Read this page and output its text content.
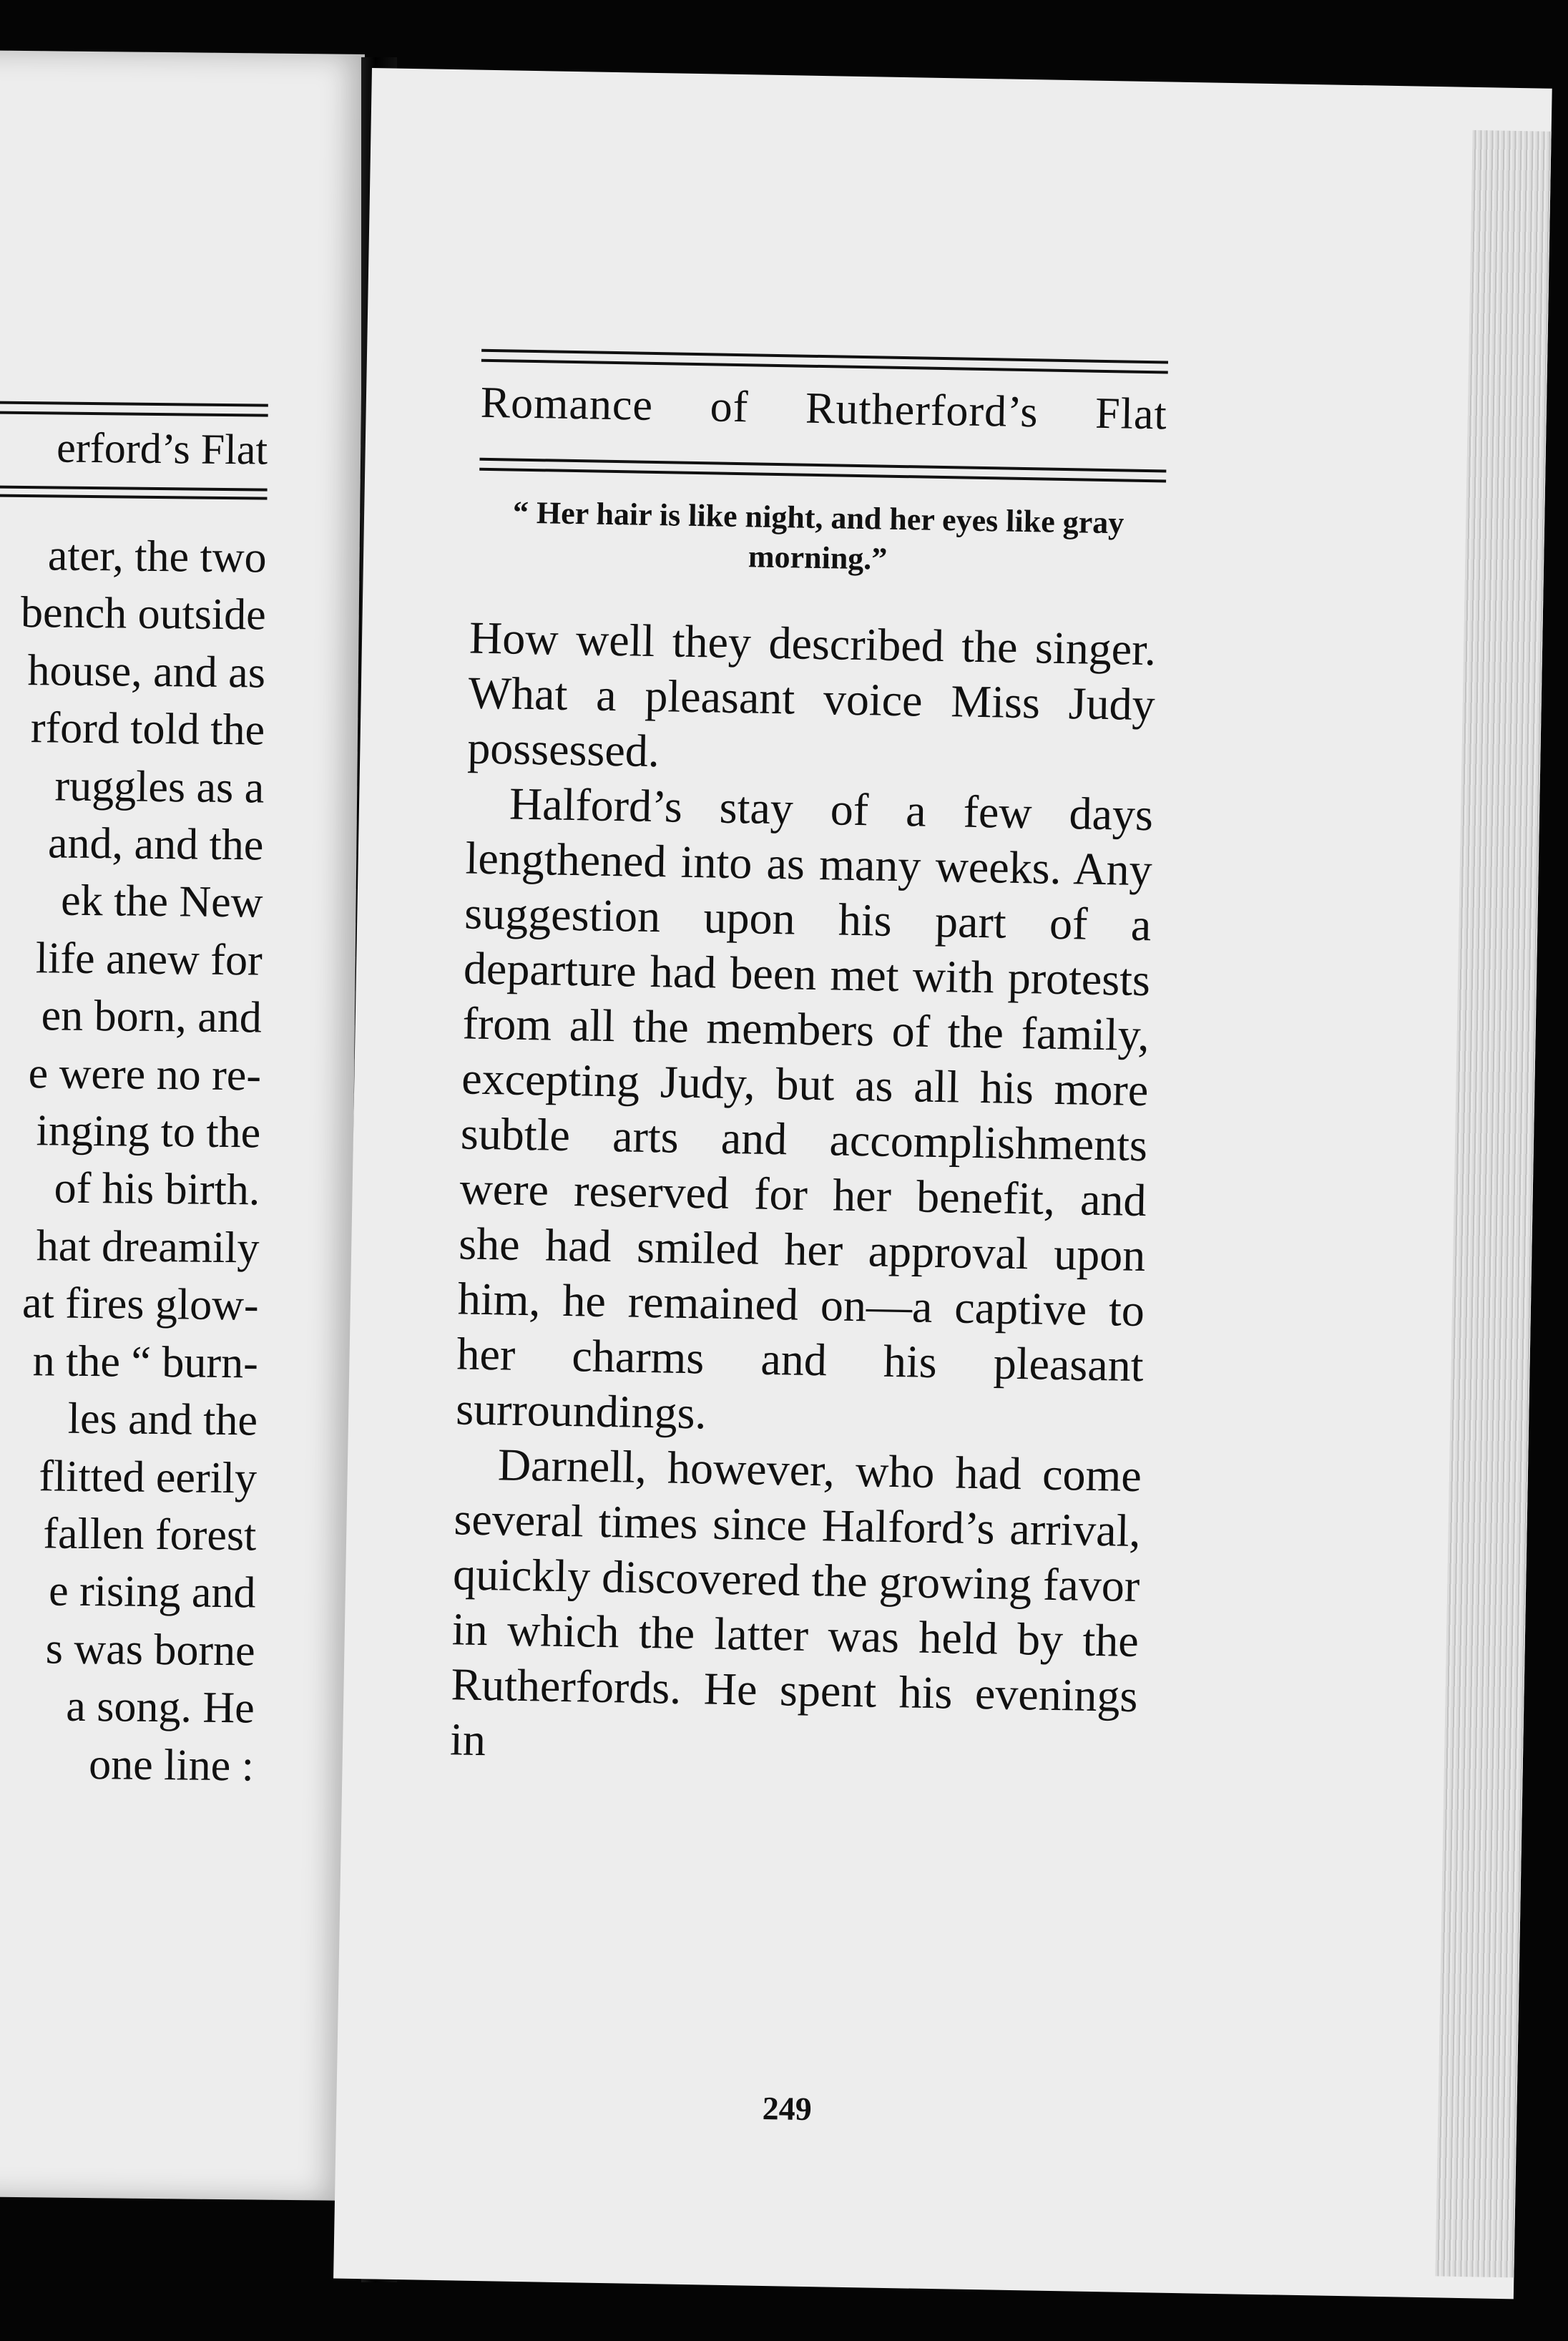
erford’s Flat
ater, the two
bench outside
house, and as
rford told the
ruggles as a
and, and the
ek the New
life anew for
en born, and
e were no re-
inging to the
of his birth.
hat dreamily
at fires glow-
n the “ burn-
les and the
flitted eerily
fallen forest
e rising and
s was borne
a song. He
one line :
Romance of Rutherford’s Flat
“ Her hair is like night, and her eyes like gray morning.”

How well they described the singer. What a pleasant voice Miss Judy possessed.

Halford’s stay of a few days lengthened into as many weeks. Any suggestion upon his part of a departure had been met with protests from all the members of the family, excepting Judy, but as all his more subtle arts and accomplishments were reserved for her benefit, and she had smiled her approval upon him, he remained on—a captive to her charms and his pleasant surroundings.

Darnell, however, who had come several times since Halford’s arrival, quickly discovered the growing favor in which the latter was held by the Rutherfords. He spent his evenings in

249
